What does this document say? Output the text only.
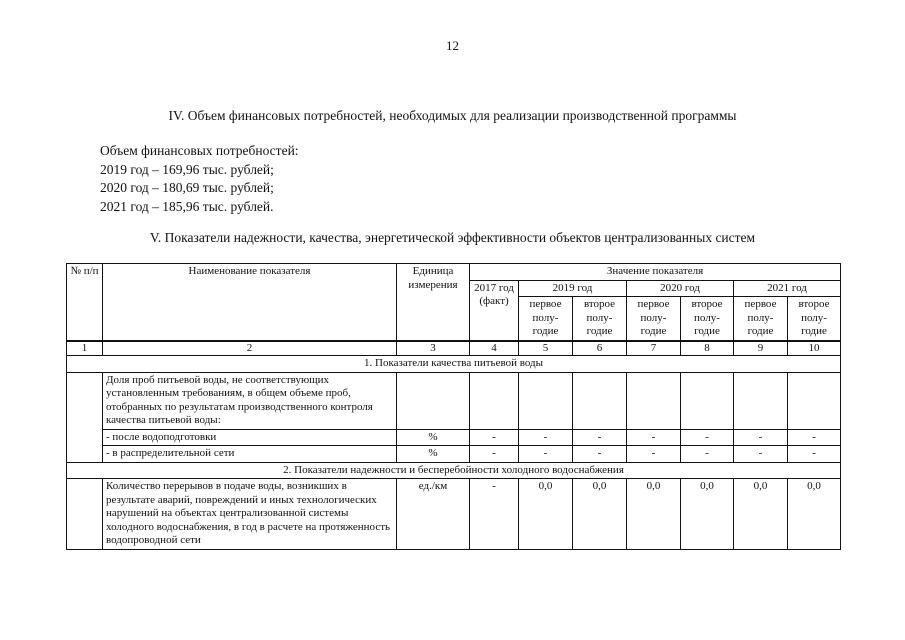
12
IV. Объем финансовых потребностей, необходимых для реализации производственной программы
Объем финансовых потребностей:
2019 год – 169,96 тыс. рублей;
2020 год – 180,69 тыс. рублей;
2021 год – 185,96 тыс. рублей.
V. Показатели надежности, качества, энергетической эффективности объектов централизованных систем
№ п/п	Наименование показателя	Единица измерения	Значение показателя						
			2017 год (факт)	2019 год		2020 год		2021 год	
				первое полу-годие	второе полу-годие	первое полу-годие	второе полу-годие	первое полу-годие	второе полу-годие
1	2	3	4	5	6	7	8	9	10
1. Показатели качества питьевой воды									
	Доля проб питьевой воды, не соответствующих установленным требованиям, в общем объеме проб, отобранных по результатам производственного контроля качества питьевой воды:								
	- после водоподготовки	%	-	-	-	-	-	-	-
	- в распределительной сети	%	-	-	-	-	-	-	-
2. Показатели надежности и бесперебойности холодного водоснабжения									
	Количество перерывов в подаче воды, возникших в результате аварий, повреждений и иных технологических нарушений на объектах централизованной системы холодного водоснабжения, в год в расчете на протяженность водопроводной сети	ед./км	-	0,0	0,0	0,0	0,0	0,0	0,0
